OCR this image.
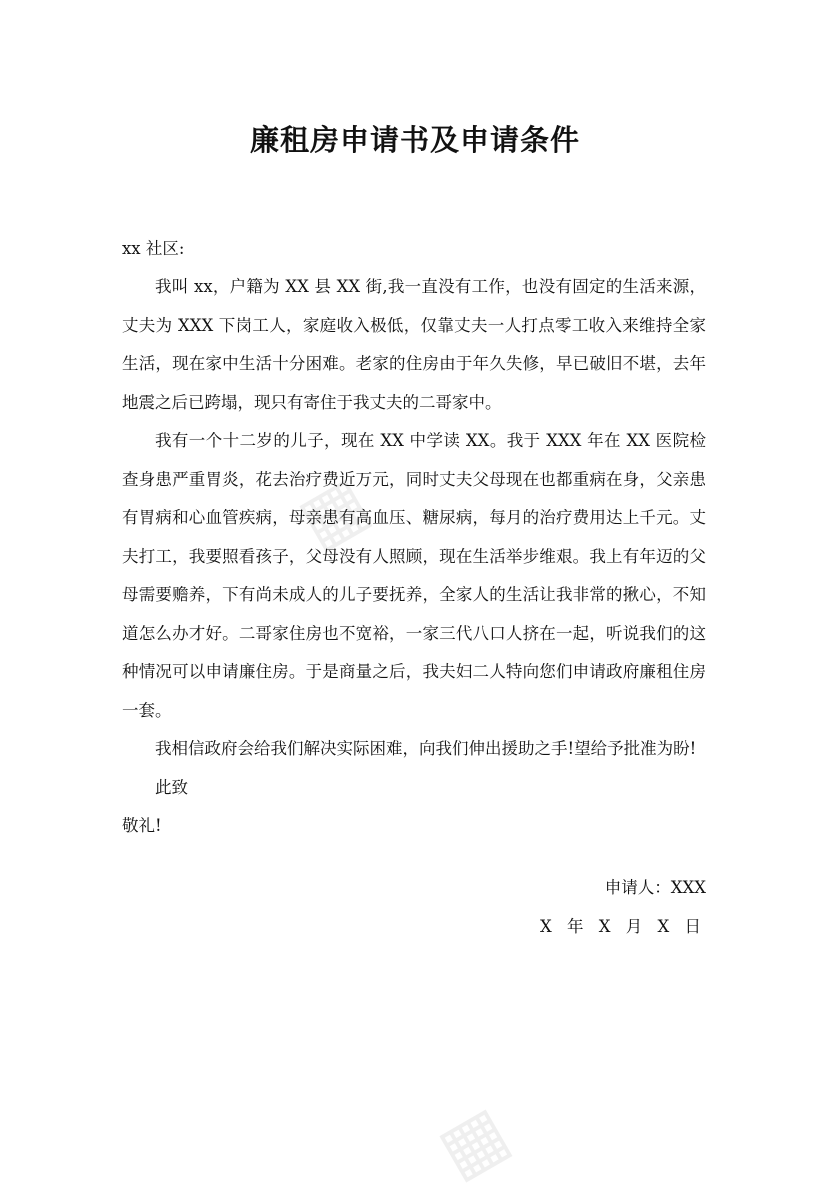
▦
▦
廉租房申请书及申请条件

xx 社区:

我叫 xx，户籍为 XX 县 XX 街,我一直没有工作，也没有固定的生活来源，丈夫为 XXX 下岗工人，家庭收入极低，仅靠丈夫一人打点零工收入来维持全家生活，现在家中生活十分困难。老家的住房由于年久失修，早已破旧不堪，去年地震之后已跨塌，现只有寄住于我丈夫的二哥家中。

我有一个十二岁的儿子，现在 XX 中学读 XX。我于 XXX 年在 XX 医院检查身患严重胃炎，花去治疗费近万元，同时丈夫父母现在也都重病在身，父亲患有胃病和心血管疾病，母亲患有高血压、糖尿病，每月的治疗费用达上千元。丈夫打工，我要照看孩子，父母没有人照顾，现在生活举步维艰。我上有年迈的父母需要赡养，下有尚未成人的儿子要抚养，全家人的生活让我非常的揪心，不知道怎么办才好。二哥家住房也不宽裕，一家三代八口人挤在一起，听说我们的这种情况可以申请廉住房。于是商量之后，我夫妇二人特向您们申请政府廉租住房一套。

我相信政府会给我们解决实际困难，向我们伸出援助之手!望给予批准为盼!

此致

敬礼!

申请人：XXX

X 年 X 月 X 日
